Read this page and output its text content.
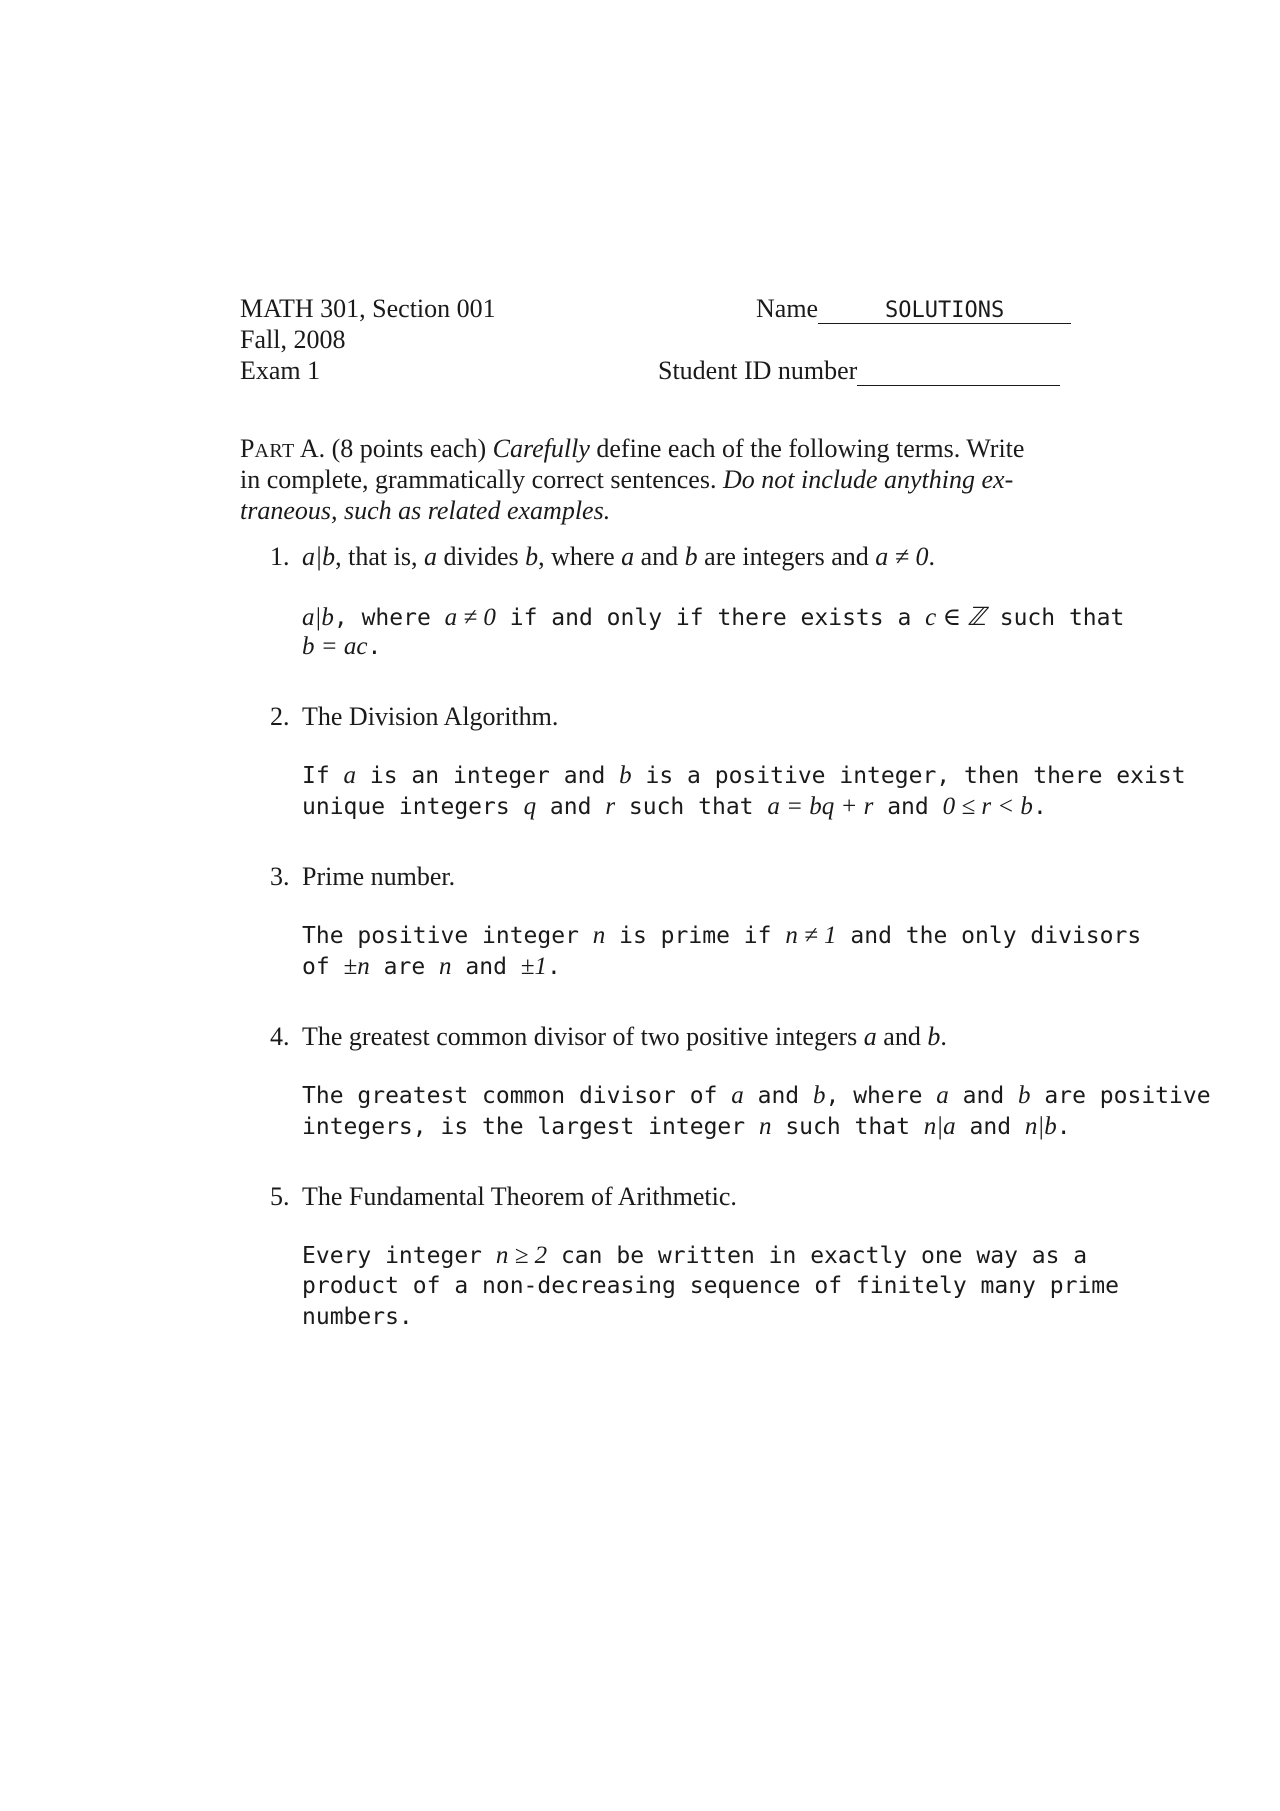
MATH 301, Section 001
Fall, 2008
Exam 1
Name	SOLUTIONS
Student ID number
PART A. (8 points each) Carefully define each of the following terms. Write
in complete, grammatically correct sentences. Do not include anything ex-
traneous, such as related examples.
1. a|b, that is, a divides b, where a and b are integers and a ≠ 0.
a|b, where a ≠ 0 if and only if there exists a c ∈ ℤ such that
b = ac.
2. The Division Algorithm.
If a is an integer and b is a positive integer, then there exist
unique integers q and r such that a = bq + r and 0 ≤ r < b.
3. Prime number.
The positive integer n is prime if n ≠ 1 and the only divisors
of ±n are n and ±1.
4. The greatest common divisor of two positive integers a and b.
The greatest common divisor of a and b, where a and b are positive
integers, is the largest integer n such that n|a and n|b.
5. The Fundamental Theorem of Arithmetic.
Every integer n ≥ 2 can be written in exactly one way as a
product of a non-decreasing sequence of finitely many prime
numbers.
